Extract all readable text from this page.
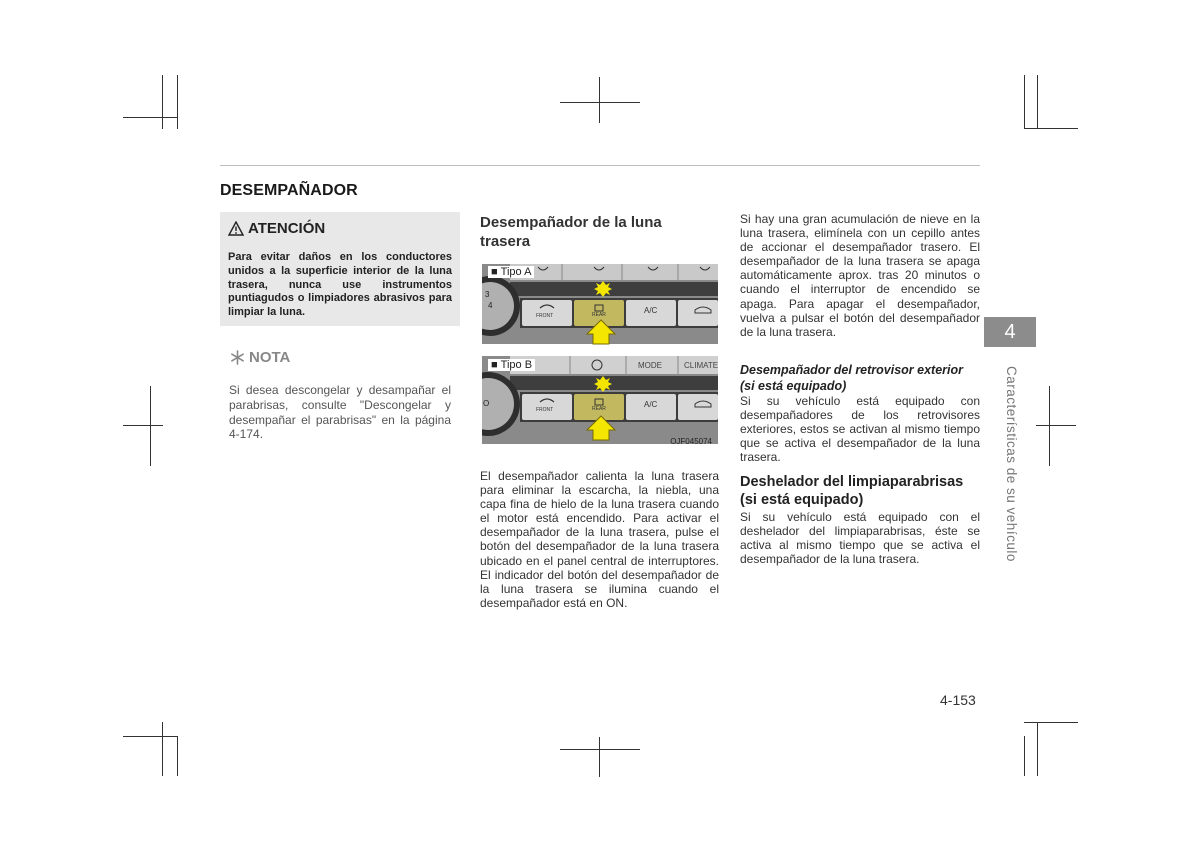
DESEMPAÑADOR
ATENCIÓN
Para evitar daños en los conductores unidos a la superficie interior de la luna trasera, nunca use instrumentos puntiagudos o limpiadores abrasivos para limpiar la luna.
NOTA
Si desea descongelar y desampañar el parabrisas, consulte "Descongelar y desempañar el parabrisas" en la página 4-174.
Desempañador de la luna trasera
■ Tipo A
■ Tipo B
3
4
O
FRONT	REAR	A/C
MODE	CLIMATE
FRONT	REAR	A/C
OJF045074
El desempañador calienta la luna trasera para eliminar la escarcha, la niebla, una capa fina de hielo de la luna trasera cuando el motor está encendido. Para activar el desempañador de la luna trasera, pulse el botón del desempañador de la luna trasera ubicado en el panel central de interruptores. El indicador del botón del desempañador de la luna trasera se ilumina cuando el desempañador está en ON.
Si hay una gran acumulación de nieve en la luna trasera, elimínela con un cepillo antes de accionar el desempañador trasero. El desempañador de la luna trasera se apaga automáticamente aprox. tras 20 minutos o cuando el interruptor de encendido se apaga. Para apagar el desempañador, vuelva a pulsar el botón del desempañador de la luna trasera.
Desempañador del retrovisor exterior (si está equipado)
Si su vehículo está equipado con desempañadores de los retrovisores exteriores, estos se activan al mismo tiempo que se activa el desempañador de la luna trasera.
Deshelador del limpiaparabrisas (si está equipado)
Si su vehículo está equipado con el deshelador del limpiaparabrisas, éste se activa al mismo tiempo que se activa el desempañador de la luna trasera.
4
Características de su vehículo
4-153
